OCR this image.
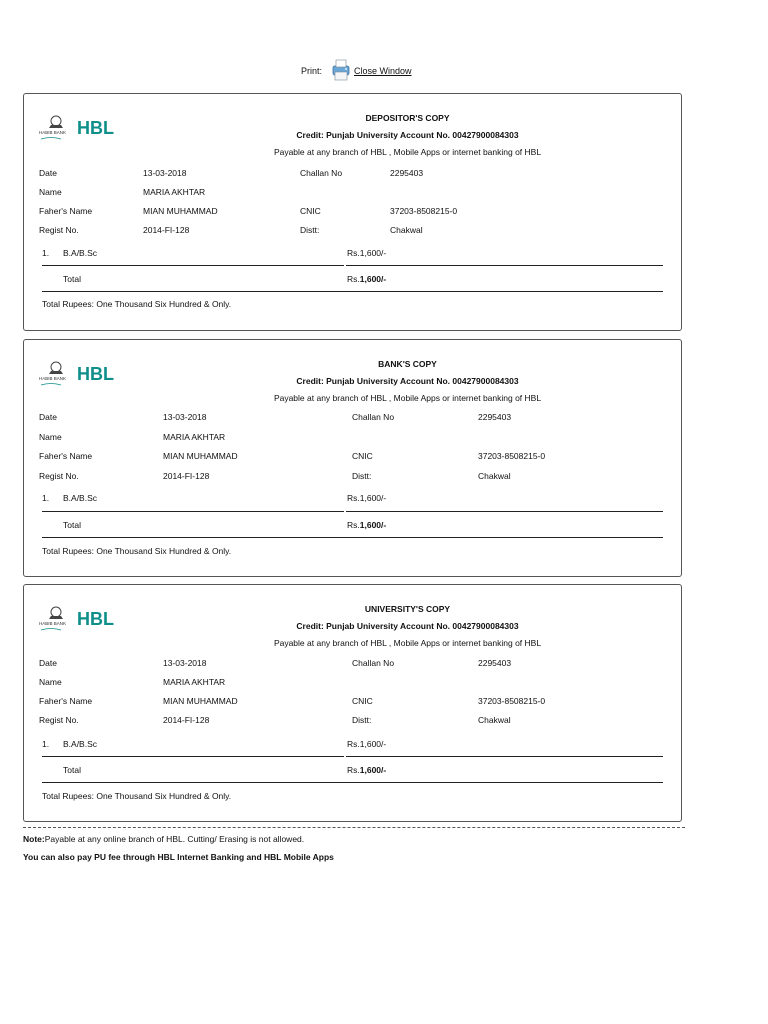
Print:	Close Window
HABIB BANK HBL	DEPOSITOR'S COPY
Credit: Punjab University Account No. 00427900084303
Payable at any branch of HBL , Mobile Apps or internet banking of HBL
Date	13-03-2018	Challan No	2295403
Name	MARIA AKHTAR
Faher's Name	MIAN MUHAMMAD	CNIC	37203-8508215-0
Regist No.	2014-FI-128	Distt:	Chakwal
1. B.A/B.Sc	Rs.1,600/-
Total	Rs.1,600/-
Total Rupees: One Thousand Six Hundred & Only.
HABIB BANK HBL	BANK'S COPY
Credit: Punjab University Account No. 00427900084303
Payable at any branch of HBL , Mobile Apps or internet banking of HBL
Date	13-03-2018	Challan No	2295403
Name	MARIA AKHTAR
Faher's Name	MIAN MUHAMMAD	CNIC	37203-8508215-0
Regist No.	2014-FI-128	Distt:	Chakwal
1. B.A/B.Sc	Rs.1,600/-
Total	Rs.1,600/-
Total Rupees: One Thousand Six Hundred & Only.
HABIB BANK HBL	UNIVERSITY'S COPY
Credit: Punjab University Account No. 00427900084303
Payable at any branch of HBL , Mobile Apps or internet banking of HBL
Date	13-03-2018	Challan No	2295403
Name	MARIA AKHTAR
Faher's Name	MIAN MUHAMMAD	CNIC	37203-8508215-0
Regist No.	2014-FI-128	Distt:	Chakwal
1. B.A/B.Sc	Rs.1,600/-
Total	Rs.1,600/-
Total Rupees: One Thousand Six Hundred & Only.
Note:Payable at any online branch of HBL. Cutting/ Erasing is not allowed.
You can also pay PU fee through HBL Internet Banking and HBL Mobile Apps
